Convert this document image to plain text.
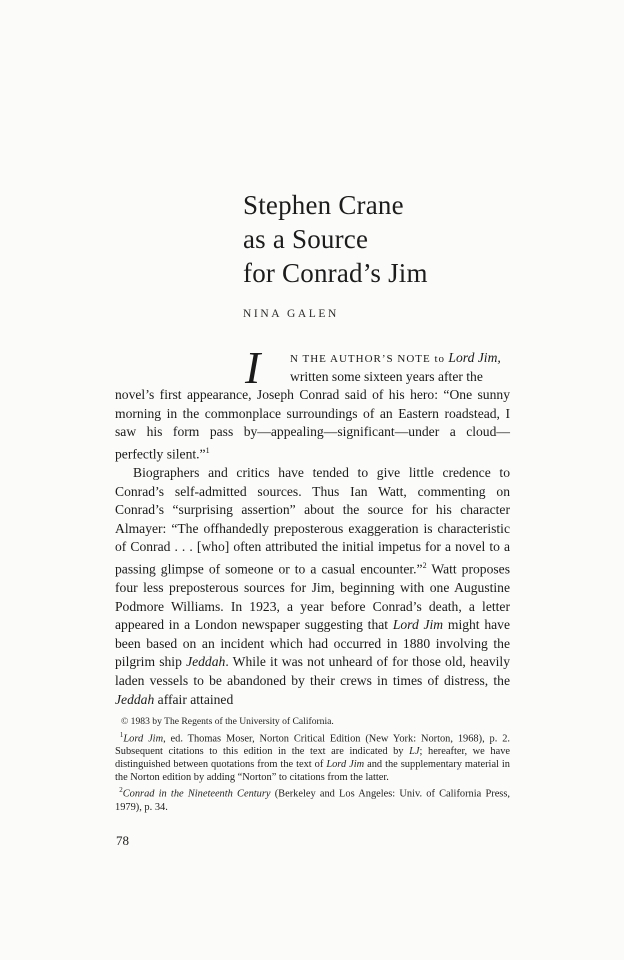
Stephen Crane

as a Source

for Conrad’s Jim

NINA GALEN
I	N THE AUTHOR’S NOTE to Lord Jim,
written some sixteen years after the

novel’s first appearance, Joseph Conrad said of his hero: “One sunny morning in the commonplace surroundings of an Eastern roadstead, I saw his form pass by—appealing—significant—under a cloud—perfectly silent.”$^1$

Biographers and critics have tended to give little credence to Conrad’s self-admitted sources. Thus Ian Watt, commenting on Conrad’s “surprising assertion” about the source for his character Almayer: “The offhandedly preposterous exaggeration is characteristic of Conrad . . . [who] often attributed the initial impetus for a novel to a passing glimpse of someone or to a casual encounter.”$^2$ Watt proposes four less preposterous sources for Jim, beginning with one Augustine Podmore Williams. In 1923, a year before Conrad’s death, a letter appeared in a London newspaper suggesting that Lord Jim might have been based on an incident which had occurred in 1880 involving the pilgrim ship Jeddah. While it was not unheard of for those old, heavily laden vessels to be abandoned by their crews in times of distress, the Jeddah affair attained

© 1983 by The Regents of the University of California.

$^1$Lord Jim, ed. Thomas Moser, Norton Critical Edition (New York: Norton, 1968), p. 2. Subsequent citations to this edition in the text are indicated by LJ; hereafter, we have distinguished between quotations from the text of Lord Jim and the supplementary material in the Norton edition by adding “Norton” to citations from the latter.

$^2$Conrad in the Nineteenth Century (Berkeley and Los Angeles: Univ. of California Press, 1979), p. 34.

78
